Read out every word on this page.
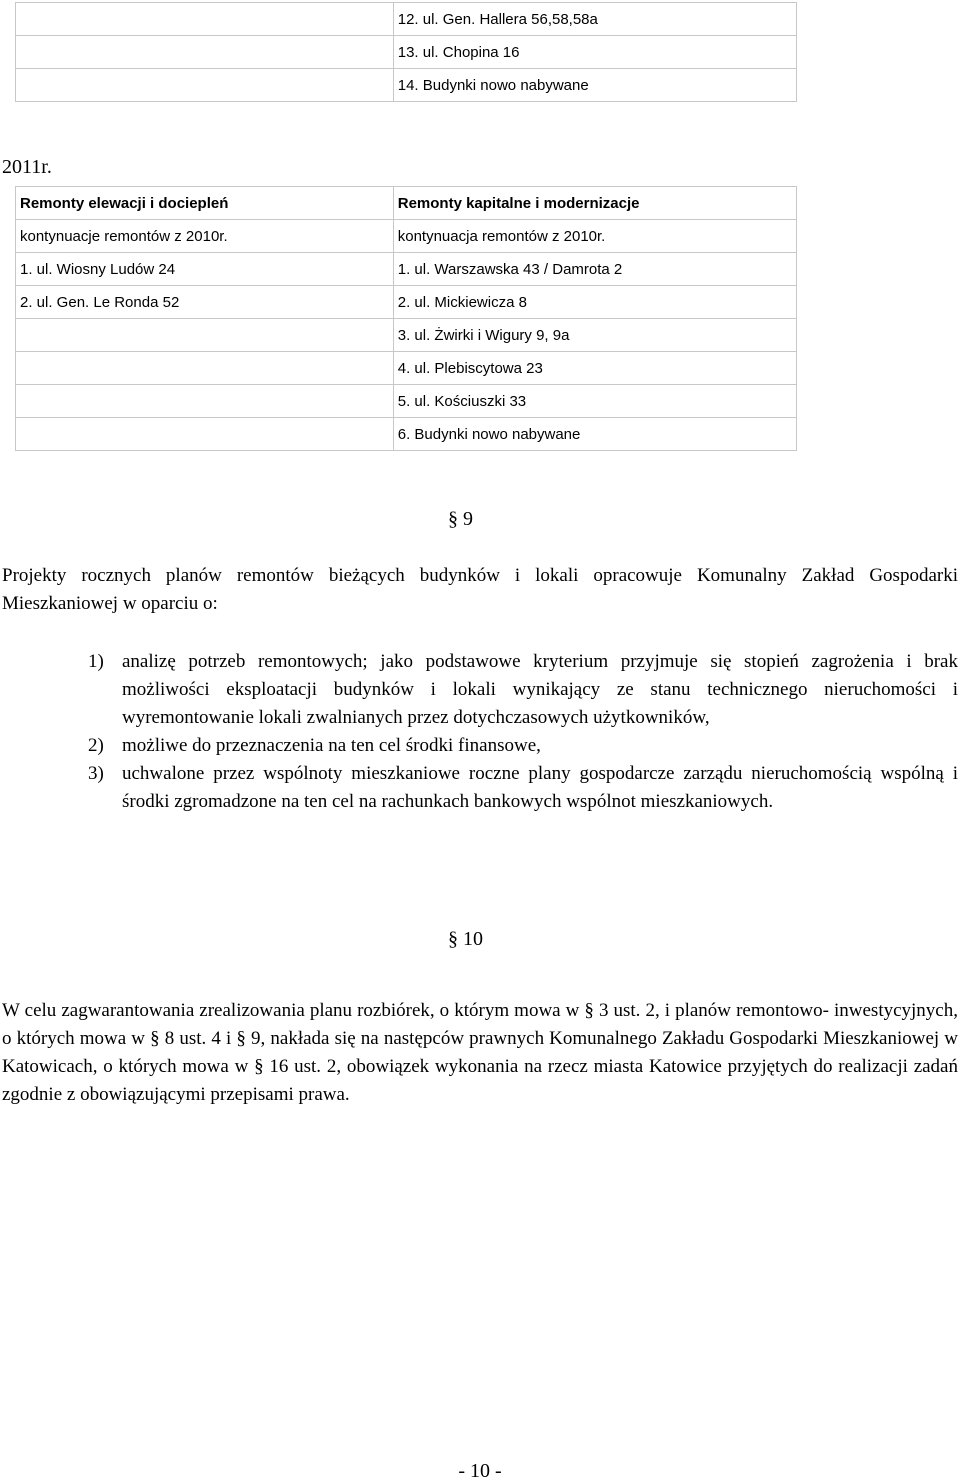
	12. ul. Gen. Hallera 56,58,58a
	13. ul. Chopina 16
	14. Budynki nowo nabywane
2011r.
Remonty elewacji i dociepleń	Remonty kapitalne i modernizacje
kontynuacje remontów z 2010r.	kontynuacja remontów z 2010r.
1. ul. Wiosny Ludów 24	1. ul. Warszawska 43 / Damrota 2
2. ul. Gen. Le Ronda 52	2. ul. Mickiewicza 8
	3. ul. Żwirki i Wigury 9, 9a
	4. ul. Plebiscytowa 23
	5. ul. Kościuszki 33
	6. Budynki nowo nabywane
§ 9
Projekty rocznych planów remontów bieżących budynków i lokali opracowuje Komunalny Zakład Gospodarki Mieszkaniowej w oparciu o:
1) analizę potrzeb remontowych; jako podstawowe kryterium przyjmuje się stopień zagrożenia i brak możliwości eksploatacji budynków i lokali wynikający ze stanu technicznego nieruchomości i wyremontowanie lokali zwalnianych przez dotychczasowych użytkowników,
2) możliwe do przeznaczenia na ten cel środki finansowe,
3) uchwalone przez wspólnoty mieszkaniowe roczne plany gospodarcze zarządu nieruchomością wspólną i środki zgromadzone na ten cel na rachunkach bankowych wspólnot mieszkaniowych.
§ 10
W celu zagwarantowania zrealizowania planu rozbiórek, o którym mowa w § 3 ust. 2, i planów remontowo- inwestycyjnych, o których mowa w § 8 ust. 4 i § 9, nakłada się na następców prawnych Komunalnego Zakładu Gospodarki Mieszkaniowej w Katowicach, o których mowa w § 16 ust. 2, obowiązek wykonania na rzecz miasta Katowice przyjętych do realizacji zadań zgodnie z obowiązującymi przepisami prawa.
- 10 -
